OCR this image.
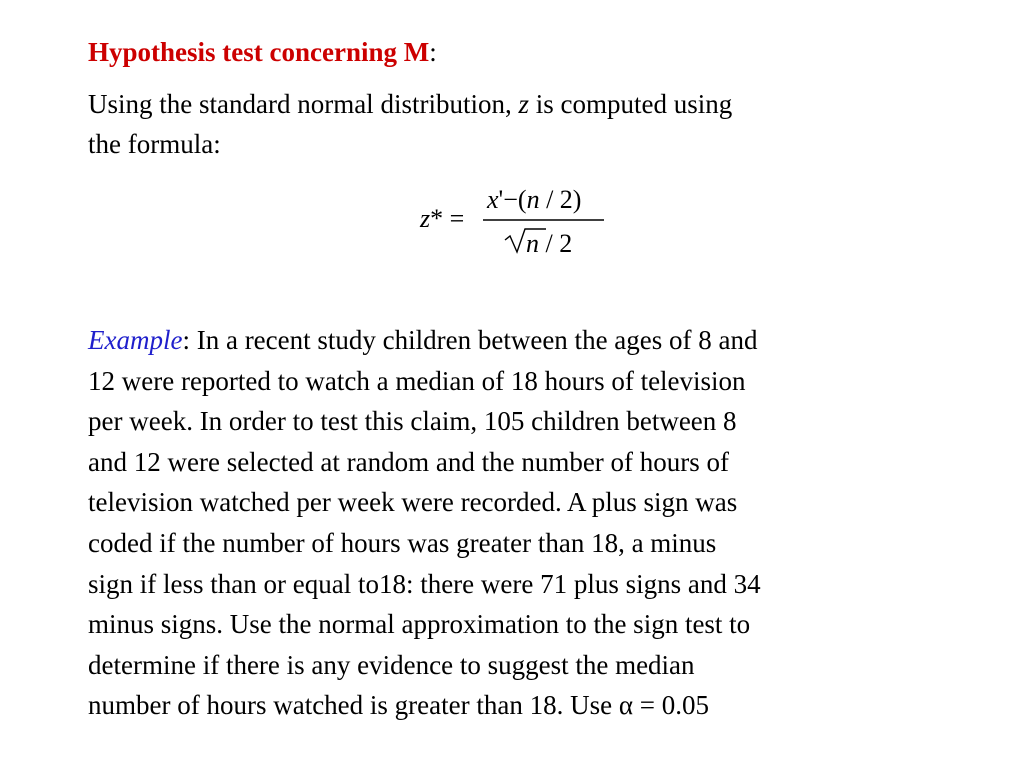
Hypothesis test concerning M:
Using the standard normal distribution, z is computed using
the formula:
z* =
x'−(n / 2)
n / 2
Example: In a recent study children between the ages of 8 and
12 were reported to watch a median of 18 hours of television
per week. In order to test this claim, 105 children between 8
and 12 were selected at random and the number of hours of
television watched per week were recorded. A plus sign was
coded if the number of hours was greater than 18, a minus
sign if less than or equal to18: there were 71 plus signs and 34
minus signs. Use the normal approximation to the sign test to
determine if there is any evidence to suggest the median
number of hours watched is greater than 18. Use α = 0.05
